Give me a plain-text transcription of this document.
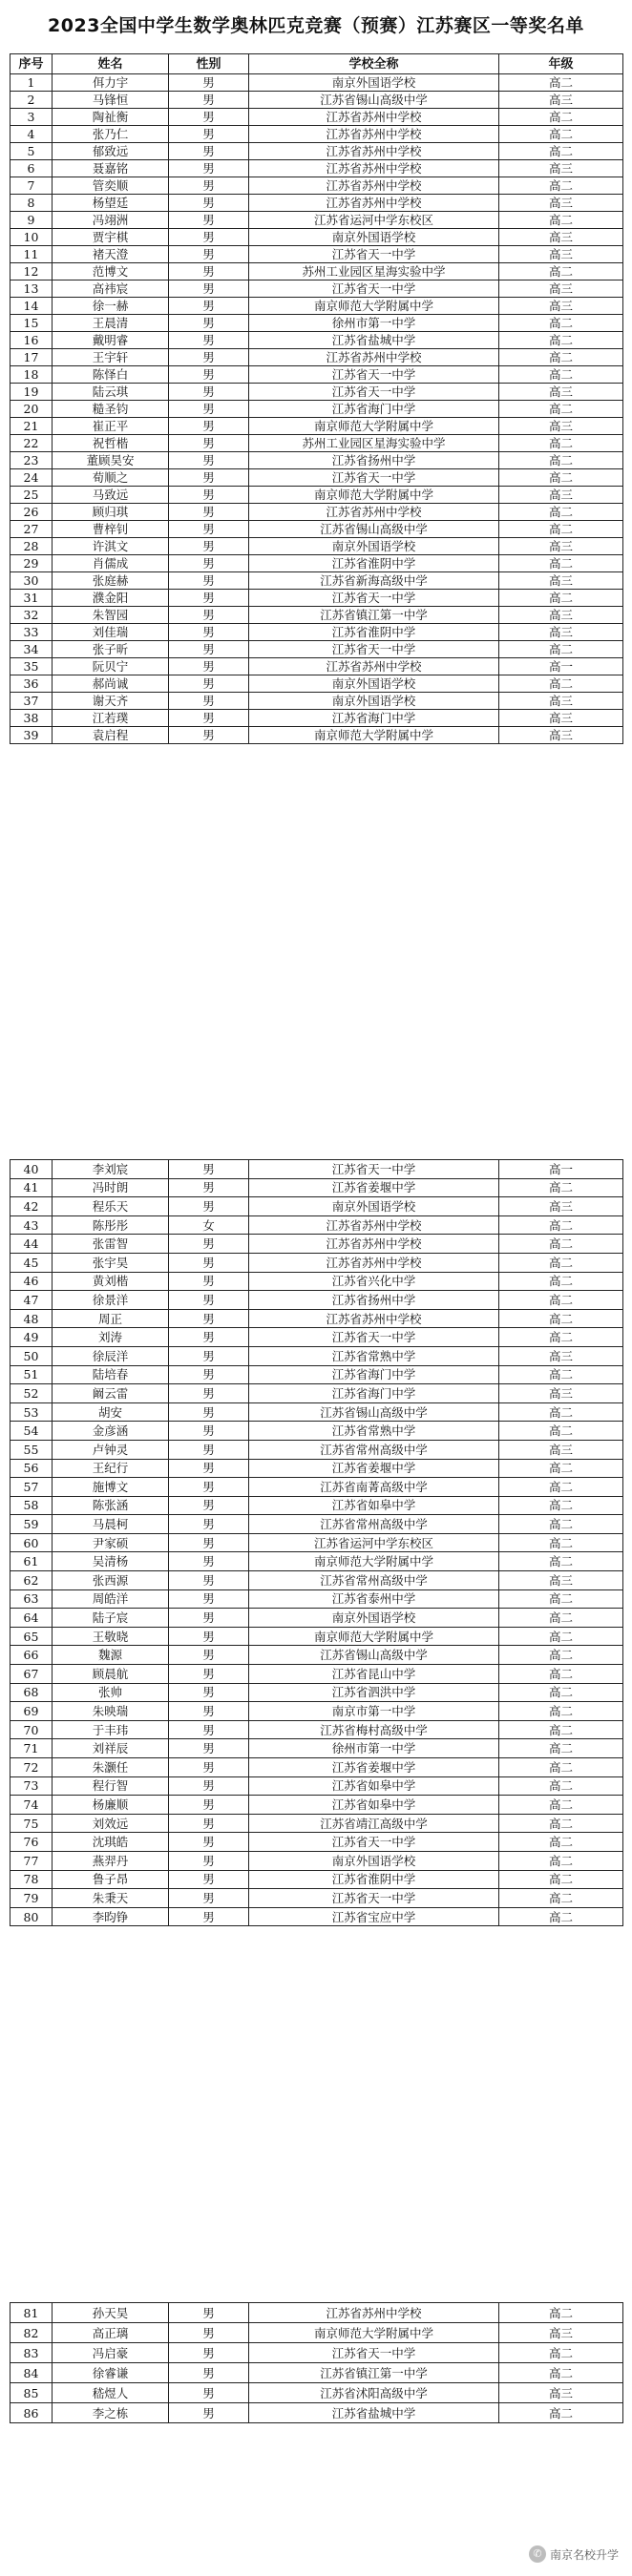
2023全国中学生数学奥林匹克竞赛（预赛）江苏赛区一等奖名单
序号	姓名	性别	学校全称	年级
1	佴力宇	男	南京外国语学校	高二
2	马锋恒	男	江苏省锡山高级中学	高三
3	陶祉衡	男	江苏省苏州中学校	高二
4	张乃仁	男	江苏省苏州中学校	高二
5	郁致远	男	江苏省苏州中学校	高二
6	聂嘉铭	男	江苏省苏州中学校	高三
7	管奕顺	男	江苏省苏州中学校	高二
8	杨望廷	男	江苏省苏州中学校	高三
9	冯翊洲	男	江苏省运河中学东校区	高二
10	贾宇棋	男	南京外国语学校	高三
11	褚天澄	男	江苏省天一中学	高三
12	范博文	男	苏州工业园区星海实验中学	高二
13	高祎宸	男	江苏省天一中学	高三
14	徐一赫	男	南京师范大学附属中学	高三
15	王晨清	男	徐州市第一中学	高二
16	戴明睿	男	江苏省盐城中学	高二
17	王宇轩	男	江苏省苏州中学校	高二
18	陈怿白	男	江苏省天一中学	高二
19	陆云琪	男	江苏省天一中学	高三
20	糙圣钧	男	江苏省海门中学	高二
21	崔正平	男	南京师范大学附属中学	高三
22	祝哲楷	男	苏州工业园区星海实验中学	高二
23	董顾昊安	男	江苏省扬州中学	高二
24	荀顺之	男	江苏省天一中学	高二
25	马致远	男	南京师范大学附属中学	高三
26	顾归琪	男	江苏省苏州中学校	高二
27	曹梓钊	男	江苏省锡山高级中学	高二
28	许淇文	男	南京外国语学校	高三
29	肖儒成	男	江苏省淮阴中学	高二
30	张庭赫	男	江苏省新海高级中学	高三
31	濮金阳	男	江苏省天一中学	高二
32	朱智园	男	江苏省镇江第一中学	高三
33	刘佳瑞	男	江苏省淮阴中学	高三
34	张子昕	男	江苏省天一中学	高二
35	阮贝宁	男	江苏省苏州中学校	高一
36	郝尚诚	男	南京外国语学校	高二
37	谢天齐	男	南京外国语学校	高三
38	江若璞	男	江苏省海门中学	高三
39	袁启程	男	南京师范大学附属中学	高三
40	李刘宸	男	江苏省天一中学	高一
41	冯时朗	男	江苏省姜堰中学	高二
42	程乐天	男	南京外国语学校	高三
43	陈彤彤	女	江苏省苏州中学校	高二
44	张雷智	男	江苏省苏州中学校	高二
45	张宇昊	男	江苏省苏州中学校	高二
46	黄刘楷	男	江苏省兴化中学	高二
47	徐景洋	男	江苏省扬州中学	高二
48	周正	男	江苏省苏州中学校	高二
49	刘涛	男	江苏省天一中学	高二
50	徐辰洋	男	江苏省常熟中学	高三
51	陆培春	男	江苏省海门中学	高二
52	阚云雷	男	江苏省海门中学	高三
53	胡安	男	江苏省锡山高级中学	高二
54	金彦涵	男	江苏省常熟中学	高二
55	卢钟灵	男	江苏省常州高级中学	高三
56	王纪行	男	江苏省姜堰中学	高二
57	施博文	男	江苏省南菁高级中学	高二
58	陈张涵	男	江苏省如皋中学	高二
59	马晨柯	男	江苏省常州高级中学	高二
60	尹家硕	男	江苏省运河中学东校区	高二
61	吴清杨	男	南京师范大学附属中学	高二
62	张西源	男	江苏省常州高级中学	高三
63	周皓洋	男	江苏省泰州中学	高二
64	陆子宸	男	南京外国语学校	高二
65	王敬晓	男	南京师范大学附属中学	高二
66	魏源	男	江苏省锡山高级中学	高二
67	顾晨航	男	江苏省昆山中学	高二
68	张帅	男	江苏省泗洪中学	高二
69	朱映瑞	男	南京市第一中学	高二
70	于丰玮	男	江苏省梅村高级中学	高二
71	刘祥辰	男	徐州市第一中学	高二
72	朱灏任	男	江苏省姜堰中学	高二
73	程行智	男	江苏省如皋中学	高二
74	杨廉顺	男	江苏省如皋中学	高二
75	刘效远	男	江苏省靖江高级中学	高二
76	沈琪皓	男	江苏省天一中学	高二
77	燕羿丹	男	南京外国语学校	高二
78	鲁子昂	男	江苏省淮阴中学	高二
79	朱秉天	男	江苏省天一中学	高二
80	李昀铮	男	江苏省宝应中学	高二
81	孙天昊	男	江苏省苏州中学校	高二
82	高正璃	男	南京师范大学附属中学	高三
83	冯启豪	男	江苏省天一中学	高二
84	徐睿谦	男	江苏省镇江第一中学	高二
85	嵇煜人	男	江苏省沭阳高级中学	高三
86	李之栋	男	江苏省盐城中学	高二
✆ 南京名校升学
